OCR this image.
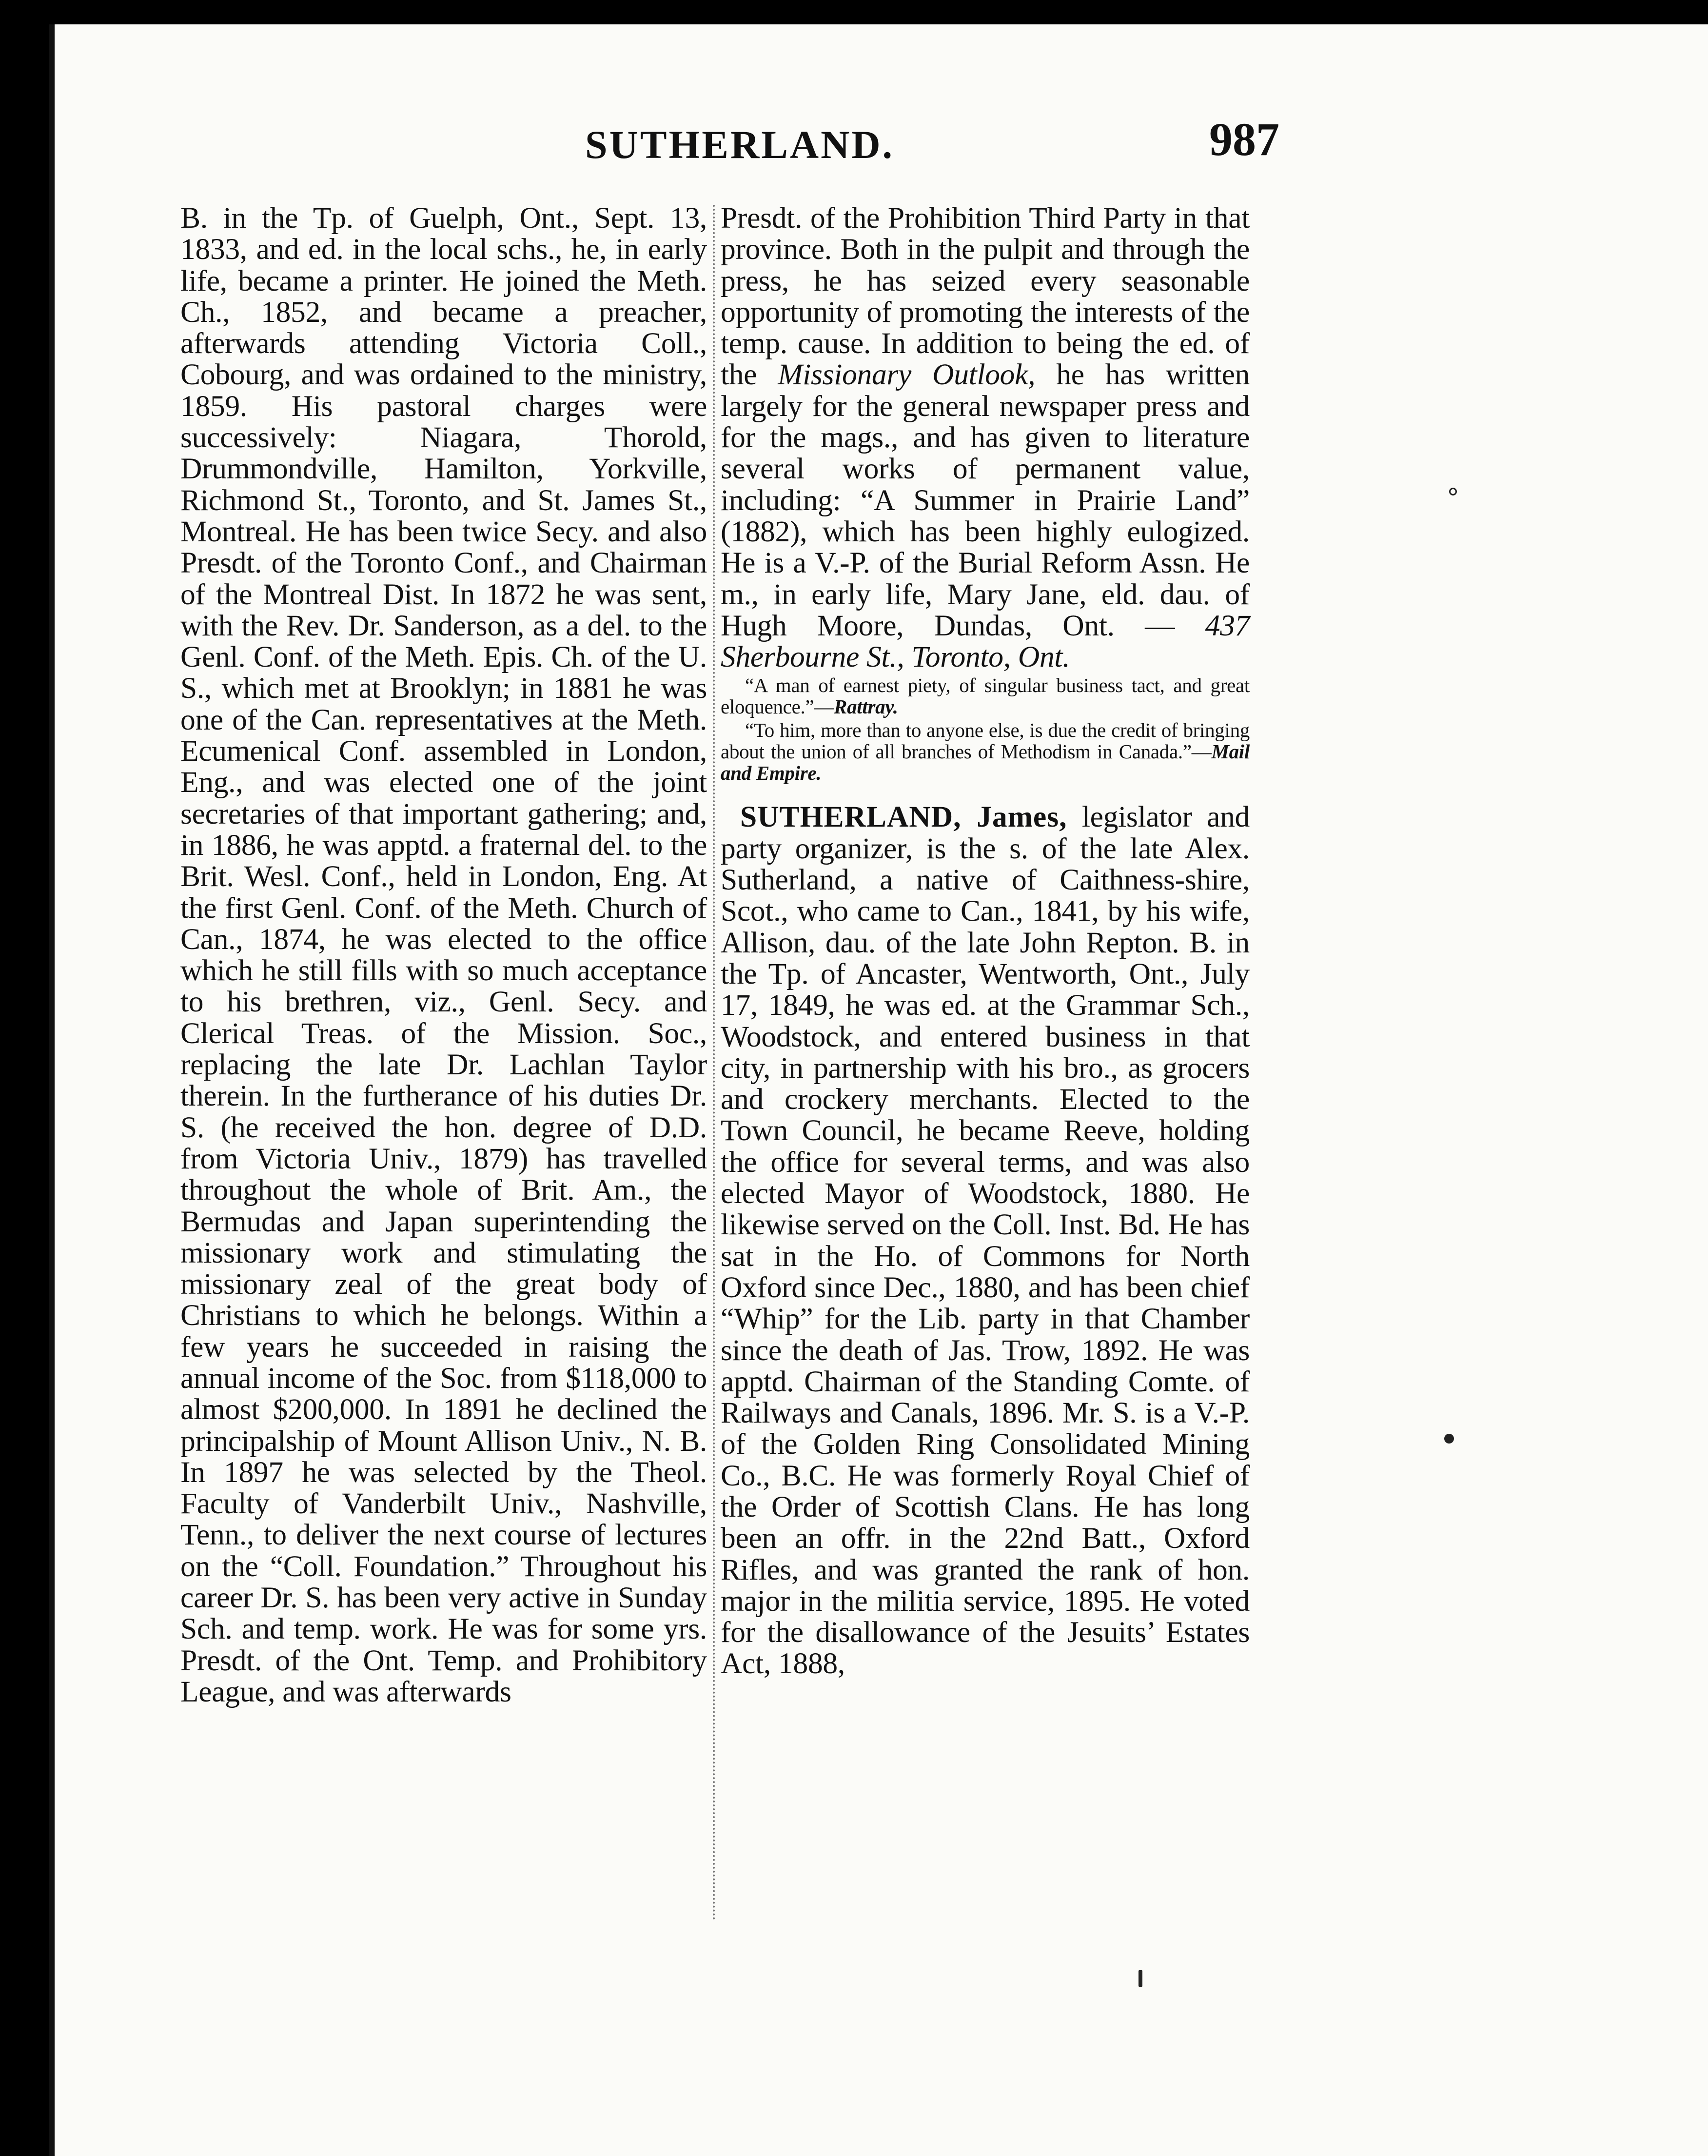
SUTHERLAND.	987

B. in the Tp. of Guelph, Ont., Sept. 13, 1833, and ed. in the local schs., he, in early life, became a printer. He joined the Meth. Ch., 1852, and became a preacher, afterwards attending Victoria Coll., Cobourg, and was ordained to the ministry, 1859. His pastoral charges were successively: Niagara, Thorold, Drummondville, Hamilton, Yorkville, Richmond St., Toronto, and St. James St., Montreal. He has been twice Secy. and also Presdt. of the Toronto Conf., and Chairman of the Montreal Dist. In 1872 he was sent, with the Rev. Dr. Sanderson, as a del. to the Genl. Conf. of the Meth. Epis. Ch. of the U. S., which met at Brooklyn; in 1881 he was one of the Can. representatives at the Meth. Ecumenical Conf. assembled in London, Eng., and was elected one of the joint secretaries of that important gathering; and, in 1886, he was apptd. a fraternal del. to the Brit. Wesl. Conf., held in London, Eng. At the first Genl. Conf. of the Meth. Church of Can., 1874, he was elected to the office which he still fills with so much acceptance to his brethren, viz., Genl. Secy. and Clerical Treas. of the Mission. Soc., replacing the late Dr. Lachlan Taylor therein. In the furtherance of his duties Dr. S. (he received the hon. degree of D.D. from Victoria Univ., 1879) has travelled throughout the whole of Brit. Am., the Bermudas and Japan superintending the missionary work and stimulating the missionary zeal of the great body of Christians to which he belongs. Within a few years he succeeded in raising the annual income of the Soc. from $118,000 to almost $200,000. In 1891 he declined the principalship of Mount Allison Univ., N. B. In 1897 he was selected by the Theol. Faculty of Vanderbilt Univ., Nashville, Tenn., to deliver the next course of lectures on the “Coll. Foundation.” Throughout his career Dr. S. has been very active in Sunday Sch. and temp. work. He was for some yrs. Presdt. of the Ont. Temp. and Prohibitory League, and was afterwards

Presdt. of the Prohibition Third Party in that province. Both in the pulpit and through the press, he has seized every seasonable opportunity of promoting the interests of the temp. cause. In addition to being the ed. of the Missionary Outlook, he has written largely for the general newspaper press and for the mags., and has given to literature several works of permanent value, including: “A Summer in Prairie Land” (1882), which has been highly eulogized. He is a V.-P. of the Burial Reform Assn. He m., in early life, Mary Jane, eld. dau. of Hugh Moore, Dundas, Ont. — 437 Sherbourne St., Toronto, Ont.

“A man of earnest piety, of singular business tact, and great eloquence.”—Rattray.

“To him, more than to anyone else, is due the credit of bringing about the union of all branches of Methodism in Canada.”—Mail and Empire.

SUTHERLAND, James, legislator and party organizer, is the s. of the late Alex. Sutherland, a native of Caithness-shire, Scot., who came to Can., 1841, by his wife, Allison, dau. of the late John Repton. B. in the Tp. of Ancaster, Wentworth, Ont., July 17, 1849, he was ed. at the Grammar Sch., Woodstock, and entered business in that city, in partnership with his bro., as grocers and crockery merchants. Elected to the Town Council, he became Reeve, holding the office for several terms, and was also elected Mayor of Woodstock, 1880. He likewise served on the Coll. Inst. Bd. He has sat in the Ho. of Commons for North Oxford since Dec., 1880, and has been chief “Whip” for the Lib. party in that Chamber since the death of Jas. Trow, 1892. He was apptd. Chairman of the Standing Comte. of Railways and Canals, 1896. Mr. S. is a V.-P. of the Golden Ring Consolidated Mining Co., B.C. He was formerly Royal Chief of the Order of Scottish Clans. He has long been an offr. in the 22nd Batt., Oxford Rifles, and was granted the rank of hon. major in the militia service, 1895. He voted for the disallowance of the Jesuits’ Estates Act, 1888,
